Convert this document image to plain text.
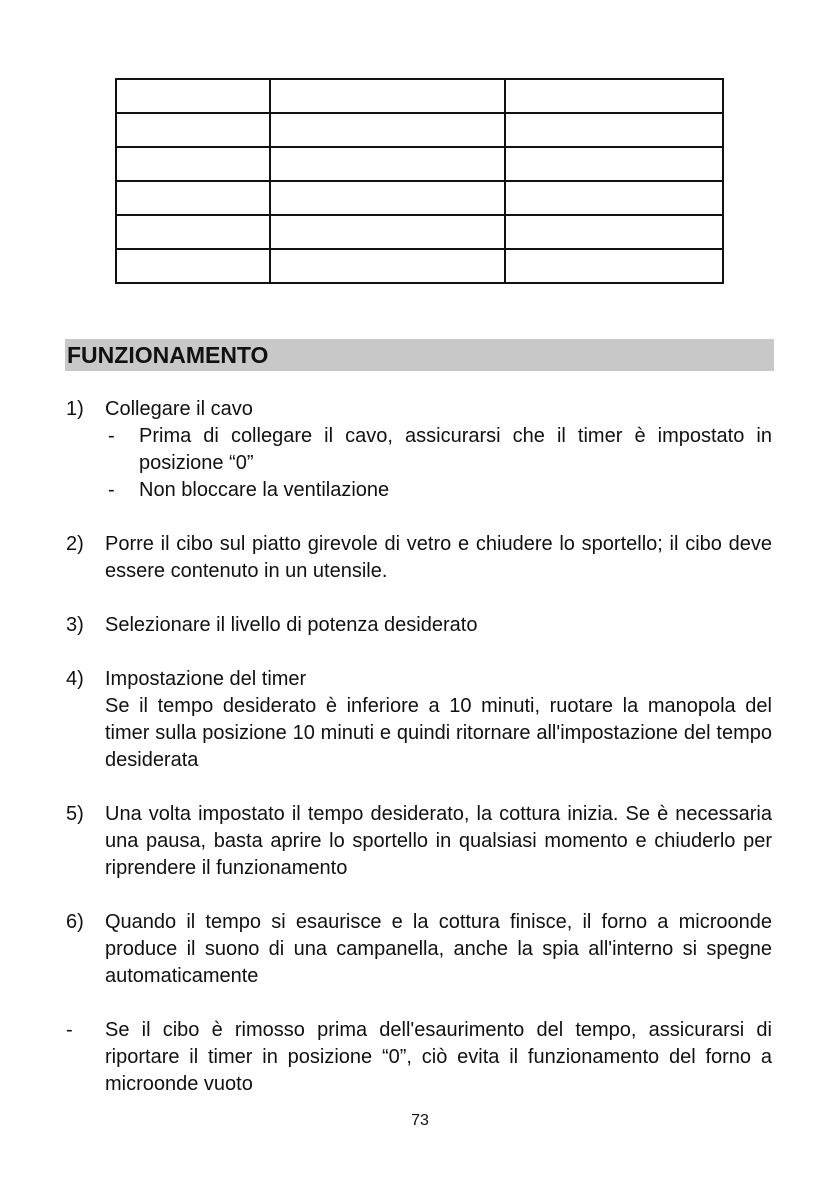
FUNZIONAMENTO
1)	Collegare il cavo

-	Prima di collegare il cavo, assicurarsi che il timer è impostato in posizione “0”
-	Non bloccare la ventilazione
2)	Porre il cibo sul piatto girevole di vetro e chiudere lo sportello; il cibo deve essere contenuto in un utensile.

3)	Selezionare il livello di potenza desiderato

4)	Impostazione del timer

Se il tempo desiderato è inferiore a 10 minuti, ruotare la manopola del timer sulla posizione 10 minuti e quindi ritornare all'impostazione del tempo desiderata

5)	Una volta impostato il tempo desiderato, la cottura inizia. Se è necessaria una pausa, basta aprire lo sportello in qualsiasi momento e chiuderlo per riprendere il funzionamento

6)	Quando il tempo si esaurisce e la cottura finisce, il forno a microonde produce il suono di una campanella, anche la spia all'interno si spegne automaticamente

-	Se il cibo è rimosso prima dell'esaurimento del tempo, assicurarsi di riportare il timer in posizione “0”, ciò evita il funzionamento del forno a microonde vuoto

73
